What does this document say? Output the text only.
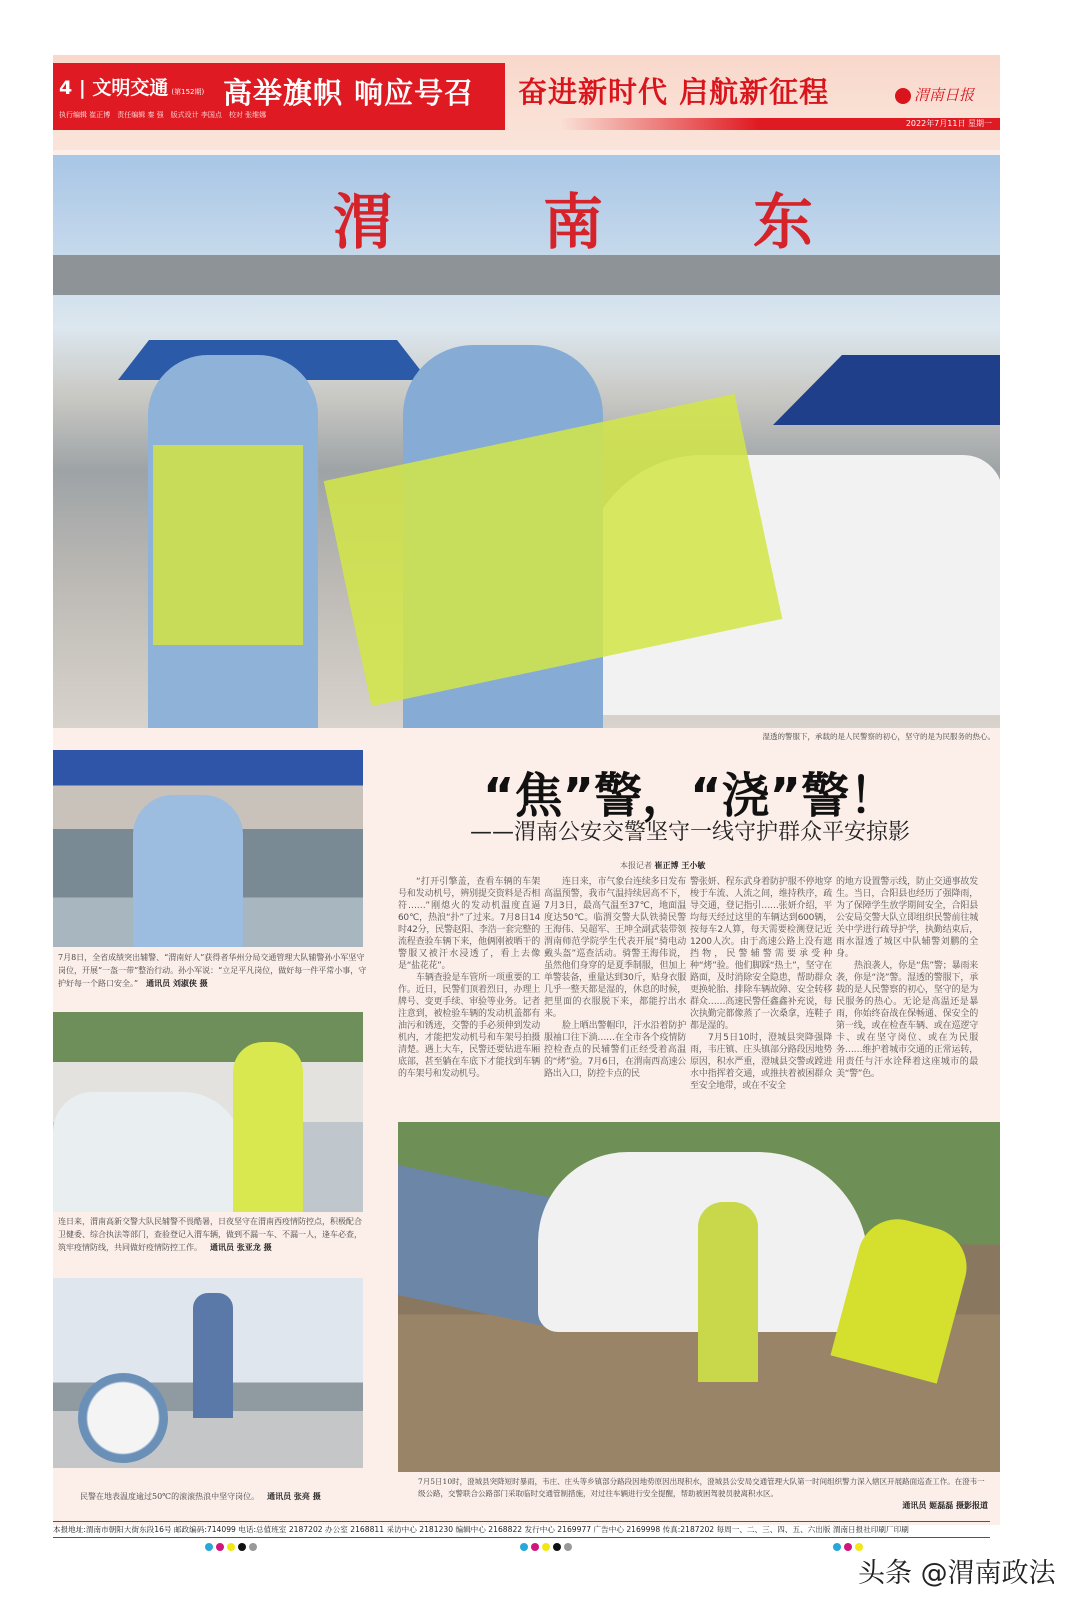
4 | 文明交通 (第152期)
执行编辑 崔正博　责任编辑 秦 强　版式设计 李国点　校对 张维娜
高举旗帜 响应号召 奋进新时代 启航新征程	渭南日报
2022年7月11日 星期一
渭	南	东
湿透的警服下，承载的是人民警察的初心，坚守的是为民服务的热心。
7月8日，全省成绩突出辅警、“渭南好人”获得者华州分局交通管理大队辅警孙小军坚守岗位，开展“一盔一带”整治行动。孙小军说：“立足平凡岗位，做好每一件平常小事，守护好每一个路口安全。” 通讯员 刘淑侠 摄
连日来，渭南高新交警大队民辅警不畏酷暑，日夜坚守在渭南西疫情防控点，积极配合卫健委、综合执法等部门，查验登记入渭车辆，做到不漏一车、不漏一人，逢车必查，筑牢疫情防线，共同做好疫情防控工作。 通讯员 张亚龙 摄
民警在地表温度逾过50℃的滚滚热浪中坚守岗位。 通讯员 张亮 摄
“焦”警，“浇”警！
——渭南公安交警坚守一线守护群众平安掠影
本报记者 崔正博 王小敏

“打开引擎盖，查看车辆的车架号和发动机号，辨别提交资料是否相符……”刚熄火的发动机温度直逼60℃，热浪“扑”了过来。7月8日14时42分，民警赵阳、李浩一套完整的流程查验车辆下来，他俩刚被晒干的警服又被汗水浸透了，看上去像是“盐花花”。

车辆查验是车管所一项重要的工作。近日，民警们顶着烈日，办理上牌号、变更手续、审验等业务。记者注意到，被检验车辆的发动机盖都有油污和锈迹，交警的手必须伸到发动机内，才能把发动机号和车架号拍摄清楚。遇上大车，民警还要钻进车厢底部，甚至躺在车底下才能找到车辆的车架号和发动机号。

连日来，市气象台连续多日发布高温预警，我市气温持续居高不下，7月3日，最高气温至37℃，地面温度达50℃。临渭交警大队铁骑民警王海伟、吴超军、王坤全副武装带领渭南师范学院学生代表开展“骑电动戴头盔”巡查活动。骑警王海伟说，虽然他们身穿的是夏季制服，但加上单警装备，重量达到30斤，贴身衣服几乎一整天都是湿的，休息的时候，把里面的衣服脱下来，都能拧出水来。

脸上晒出警帽印，汗水沿着防护服袖口往下淌……在全市各个疫情防控检查点的民辅警们正经受着高温的“烤”验。7月6日，在渭南西高速公路出入口，防控卡点的民

警张妍、程东武身着防护服不停地穿梭于车流、人流之间，维持秩序，疏导交通，登记指引……张妍介绍，平均每天经过这里的车辆达到600辆，按每车2人算，每天需要检测登记近1200人次。由于高速公路上没有遮挡物，民警辅警需要承受种种“烤”验。他们脚踩“热土”，坚守在路面，及时消除安全隐患，帮助群众更换轮胎、排除车辆故障、安全转移群众……高速民警任鑫鑫补充说，每次执勤完都像蒸了一次桑拿，连鞋子都是湿的。

7月5日10时，澄城县突降强降雨，韦庄镇、庄头镇部分路段因地势原因，积水严重，澄城县交警或蹚进水中指挥着交通，或推扶着被困群众至安全地带，或在不安全

的地方设置警示线，防止交通事故发生。当日，合阳县也经历了强降雨，为了保障学生放学期间安全，合阳县公安局交警大队立即组织民警前往城关中学进行疏导护学，执勤结束后，雨水湿透了城区中队辅警刘鹏的全身。

热浪袭人，你是“焦”警；暴雨来袭，你是“浇”警。湿透的警服下，承载的是人民警察的初心，坚守的是为民服务的热心。无论是高温还是暴雨，你始终奋战在保畅通、保安全的第一线，或在检查车辆、或在巡逻守卡、或在坚守岗位、或在为民服务……维护着城市交通的正常运转，用责任与汗水诠释着这座城市的最美“警”色。

7月5日10时，澄城县突降短时暴雨，韦庄、庄头等乡镇部分路段因地势原因出现积水，澄城县公安局交通管理大队第一时间组织警力深入辖区开展路面巡查工作。在澄韦一级公路，交警联合公路部门采取临时交通管制措施，对过往车辆进行安全提醒，帮助被困驾驶员驶离积水区。
通讯员 姬磊磊 摄影报道
本报地址:渭南市朝阳大街东段16号 邮政编码:714099 电话:总值班室 2187202 办公室 2168811 采访中心 2181230 编辑中心 2168822 发行中心 2169977 广告中心 2169998 传真:2187202 每周一、二、三、四、五、六出版 渭南日报社印刷厂印刷
头条 @渭南政法
